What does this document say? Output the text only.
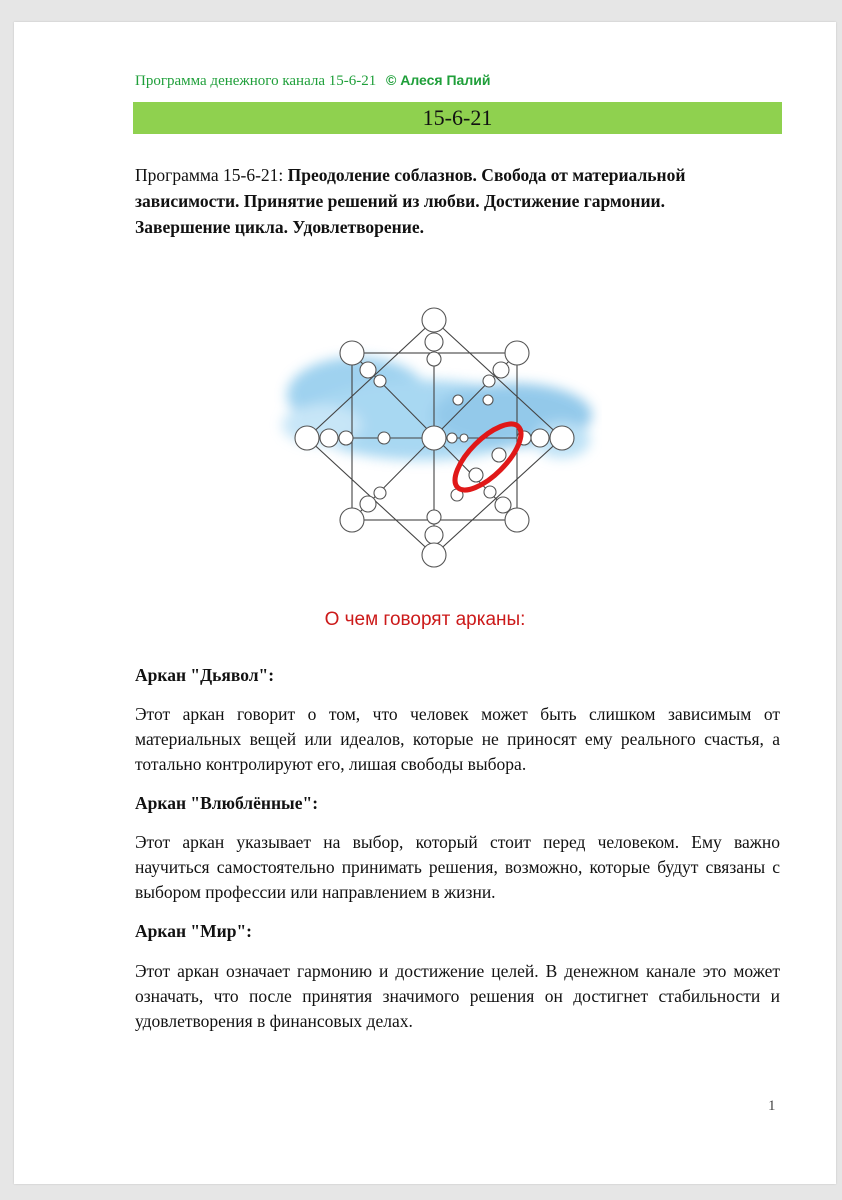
Программа денежного канала 15-6-21 © Алеся Палий
15-6-21
Программа 15-6-21: Преодоление соблазнов. Свобода от материальной зависимости. Принятие решений из любви. Достижение гармонии. Завершение цикла. Удовлетворение.
О чем говорят арканы:
Аркан "Дьявол":
Этот аркан говорит о том, что человек может быть слишком зависимым от материальных вещей или идеалов, которые не приносят ему реального счастья, а тотально контролируют его, лишая свободы выбора.
Аркан "Влюблённые":
Этот аркан указывает на выбор, который стоит перед человеком. Ему важно научиться самостоятельно принимать решения, возможно, которые будут связаны с выбором профессии или направлением в жизни.
Аркан "Мир":
Этот аркан означает гармонию и достижение целей. В денежном канале это может означать, что после принятия значимого решения он достигнет стабильности и удовлетворения в финансовых делах.
1
